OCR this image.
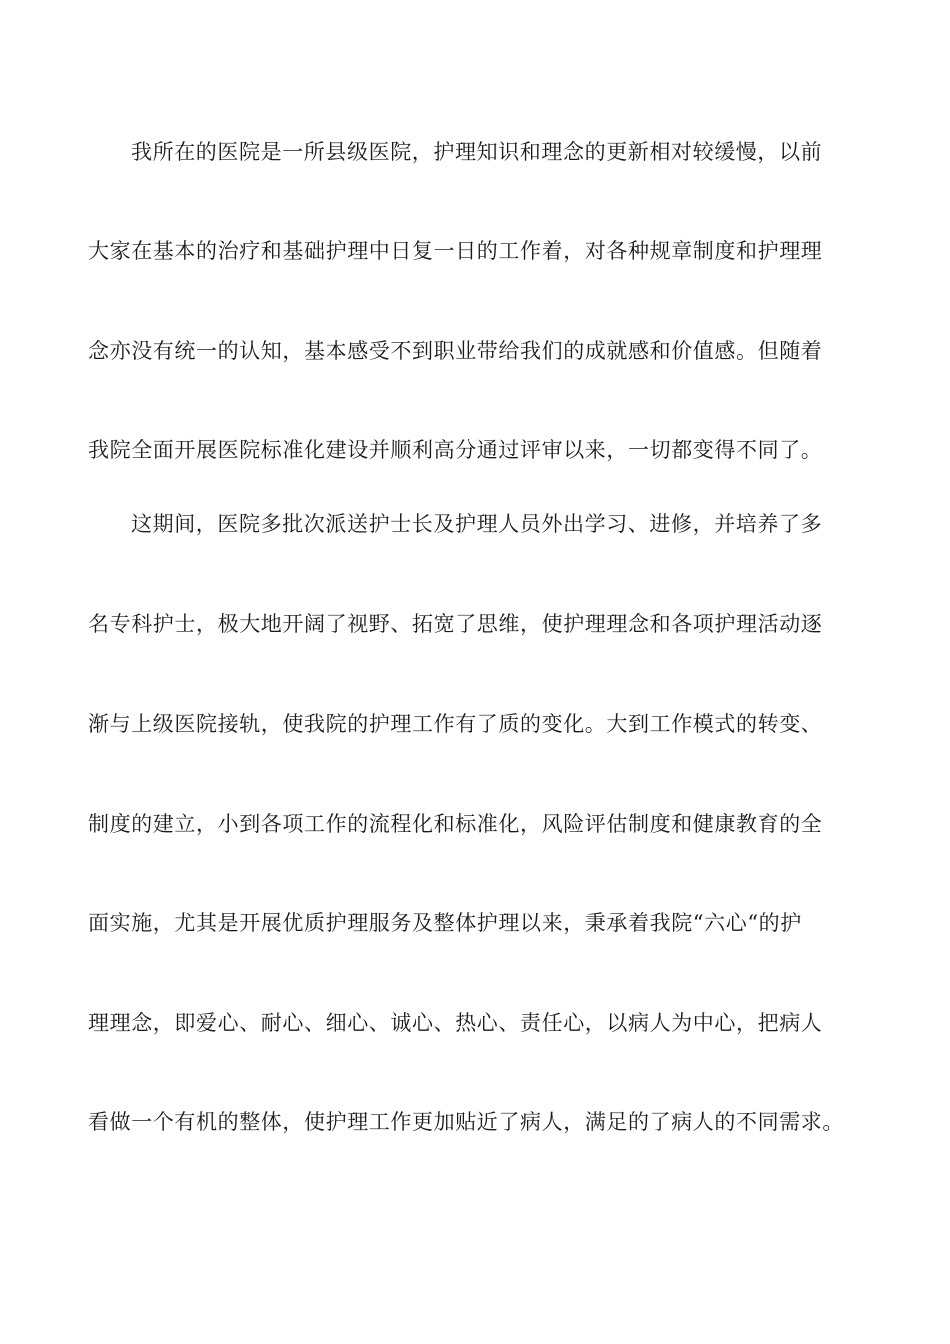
我所在的医院是一所县级医院，护理知识和理念的更新相对较缓慢，以前
大家在基本的治疗和基础护理中日复一日的工作着，对各种规章制度和护理理
念亦没有统一的认知，基本感受不到职业带给我们的成就感和价值感。但随着
我院全面开展医院标准化建设并顺利高分通过评审以来，一切都变得不同了。
这期间，医院多批次派送护士长及护理人员外出学习、进修，并培养了多
名专科护士，极大地开阔了视野、拓宽了思维，使护理理念和各项护理活动逐
渐与上级医院接轨，使我院的护理工作有了质的变化。大到工作模式的转变、
制度的建立，小到各项工作的流程化和标准化，风险评估制度和健康教育的全
面实施，尤其是开展优质护理服务及整体护理以来，秉承着我院“六心“的护
理理念，即爱心、耐心、细心、诚心、热心、责任心，以病人为中心，把病人
看做一个有机的整体，使护理工作更加贴近了病人，满足的了病人的不同需求。
